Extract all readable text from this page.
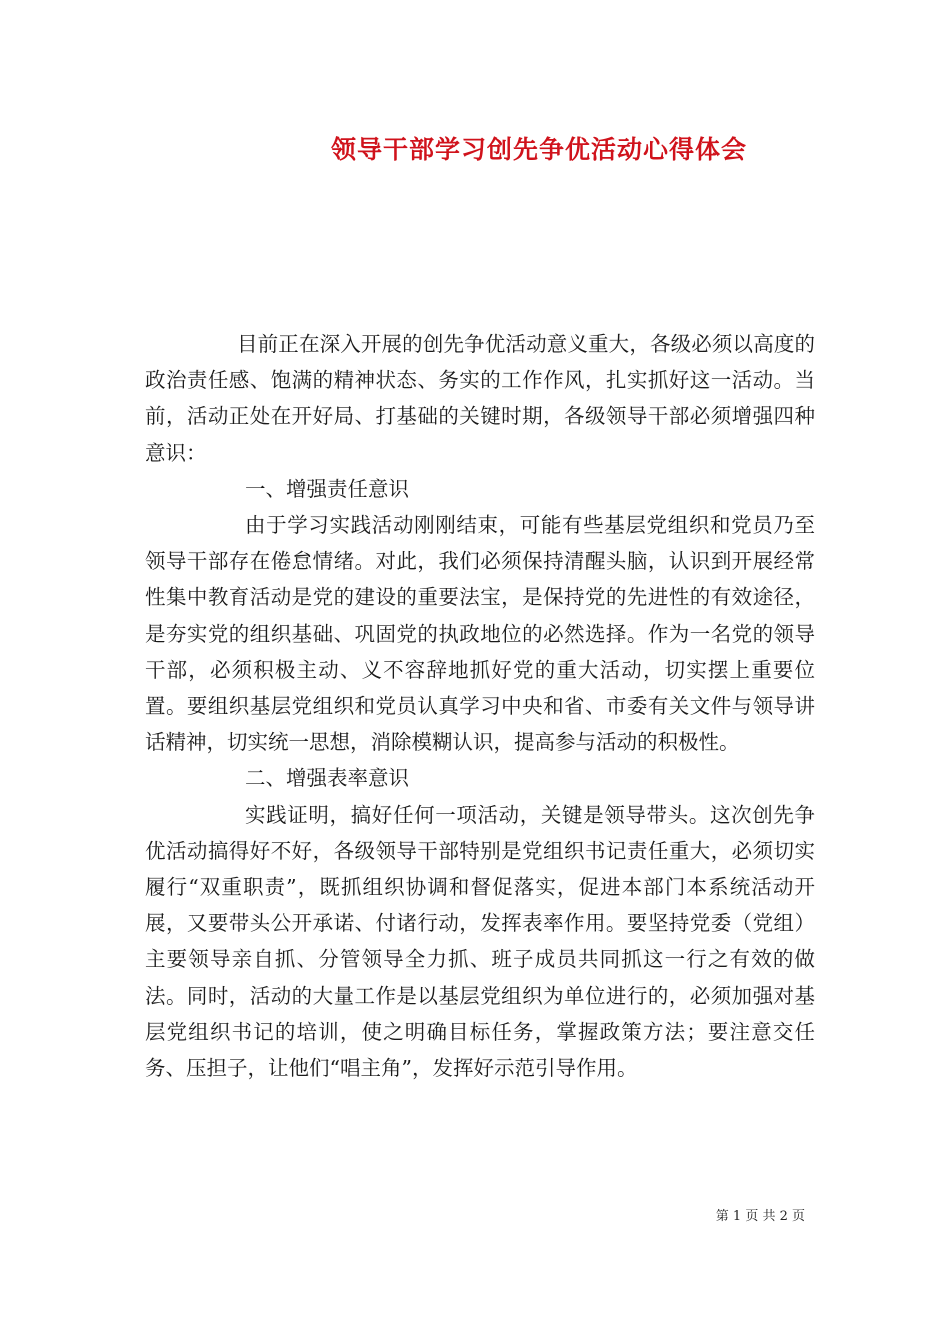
领导干部学习创先争优活动心得体会

目前正在深入开展的创先争优活动意义重大，各级必须以高度的政治责任感、饱满的精神状态、务实的工作作风，扎实抓好这一活动。当前，活动正处在开好局、打基础的关键时期，各级领导干部必须增强四种意识：

一、增强责任意识

由于学习实践活动刚刚结束，可能有些基层党组织和党员乃至领导干部存在倦怠情绪。对此，我们必须保持清醒头脑，认识到开展经常性集中教育活动是党的建设的重要法宝，是保持党的先进性的有效途径，是夯实党的组织基础、巩固党的执政地位的必然选择。作为一名党的领导干部，必须积极主动、义不容辞地抓好党的重大活动，切实摆上重要位置。要组织基层党组织和党员认真学习中央和省、市委有关文件与领导讲话精神，切实统一思想，消除模糊认识，提高参与活动的积极性。

二、增强表率意识

实践证明，搞好任何一项活动，关键是领导带头。这次创先争优活动搞得好不好，各级领导干部特别是党组织书记责任重大，必须切实履行“双重职责”，既抓组织协调和督促落实，促进本部门本系统活动开展，又要带头公开承诺、付诸行动，发挥表率作用。要坚持党委（党组）主要领导亲自抓、分管领导全力抓、班子成员共同抓这一行之有效的做法。同时，活动的大量工作是以基层党组织为单位进行的，必须加强对基层党组织书记的培训，使之明确目标任务，掌握政策方法；要注意交任务、压担子，让他们“唱主角”，发挥好示范引导作用。

第 1 页 共 2 页
